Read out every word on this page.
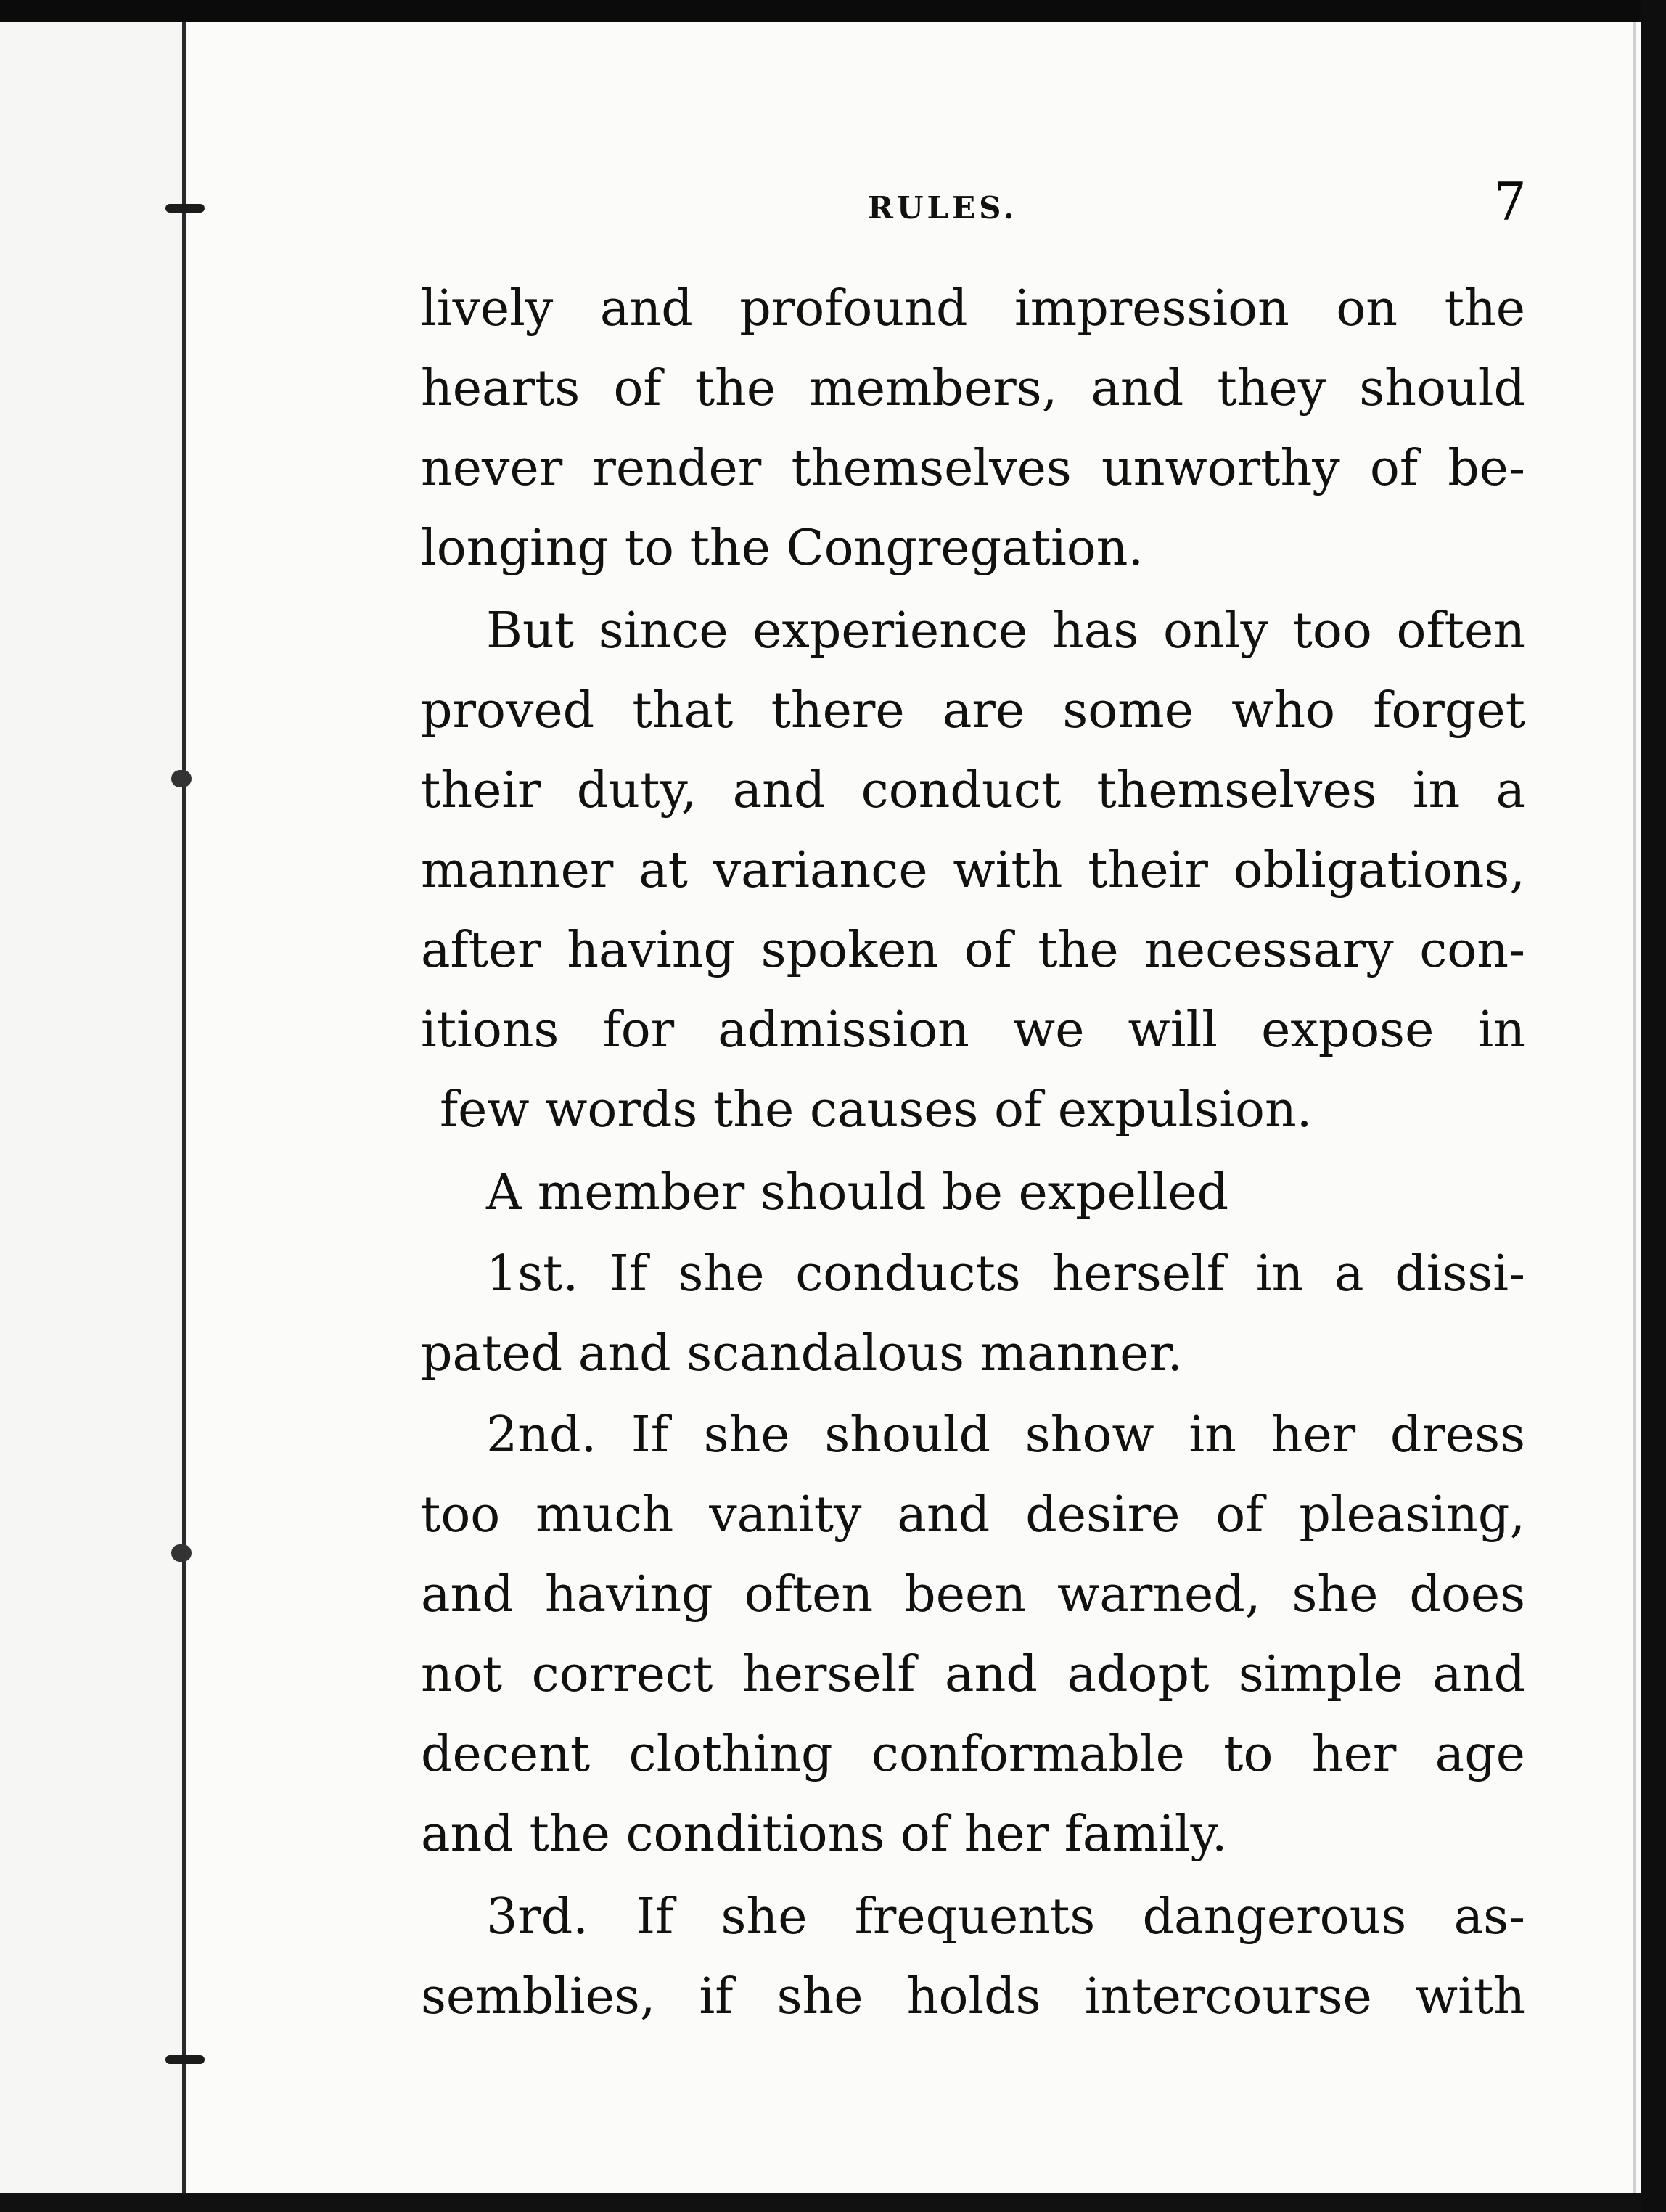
RULES.	7
lively and profound impression on the
hearts of the members, and they should
never render themselves unworthy of be-
longing to the Congregation.
But since experience has only too often
proved that there are some who forget
their duty, and conduct themselves in a
manner at variance with their obligations,
after having spoken of the necessary con-
itions for admission we will expose in
few words the causes of expulsion.
A member should be expelled
1st. If she conducts herself in a dissi-
pated and scandalous manner.
2nd. If she should show in her dress
too much vanity and desire of pleasing,
and having often been warned, she does
not correct herself and adopt simple and
decent clothing conformable to her age
and the conditions of her family.
3rd. If she frequents dangerous as-
semblies, if she holds intercourse with
